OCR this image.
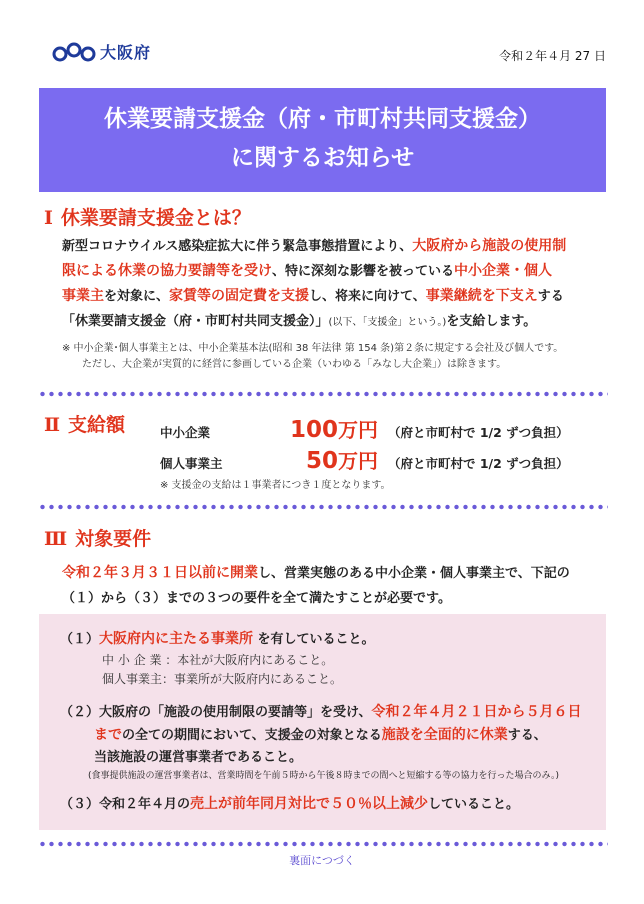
大阪府	令和２年４月 27 日
休業要請支援金（府・市町村共同支援金）
に関するお知らせ
Ⅰ 休業要請支援金とは？
新型コロナウイルス感染症拡大に伴う緊急事態措置により、大阪府から施設の使用制
限による休業の協力要請等を受け、特に深刻な影響を被っている中小企業・個人
事業主を対象に、家賃等の固定費を支援し、将来に向けて、事業継続を下支えする
「休業要請支援金（府・市町村共同支援金）」(以下、「支援金」という。)を支給します。
※ 中小企業･個人事業主とは、中小企業基本法(昭和 38 年法律 第 154 条)第２条に規定する会社及び個人です。
ただし、大企業が実質的に経営に参画している企業（いわゆる「みなし大企業」）は除きます。
Ⅱ 支給額	中小企業	100 万円 （府と市町村で 1/2 ずつ負担）
個人事業主	50 万円 （府と市町村で 1/2 ずつ負担）
※ 支援金の支給は１事業者につき１度となります。
Ⅲ 対象要件
令和２年３月３１日以前に開業し、営業実態のある中小企業・個人事業主で、下記の
（１）から（３）までの３つの要件を全て満たすことが必要です。
（１）大阪府内に主たる事業所 を有していること。
中 小 企 業 ：本社が大阪府内にあること。
個人事業主：事業所が大阪府内にあること。
（２）大阪府の「施設の使用制限の要請等」を受け、令和２年４月２１日から５月６日
までの全ての期間において、支援金の対象となる施設を全面的に休業する、
当該施設の運営事業者であること。
(食事提供施設の運営事業者は、営業時間を午前５時から午後８時までの間へと短縮する等の協力を行った場合のみ。)
（３）令和２年４月の売上が前年同月対比で５０％以上減少していること。
裏面につづく
